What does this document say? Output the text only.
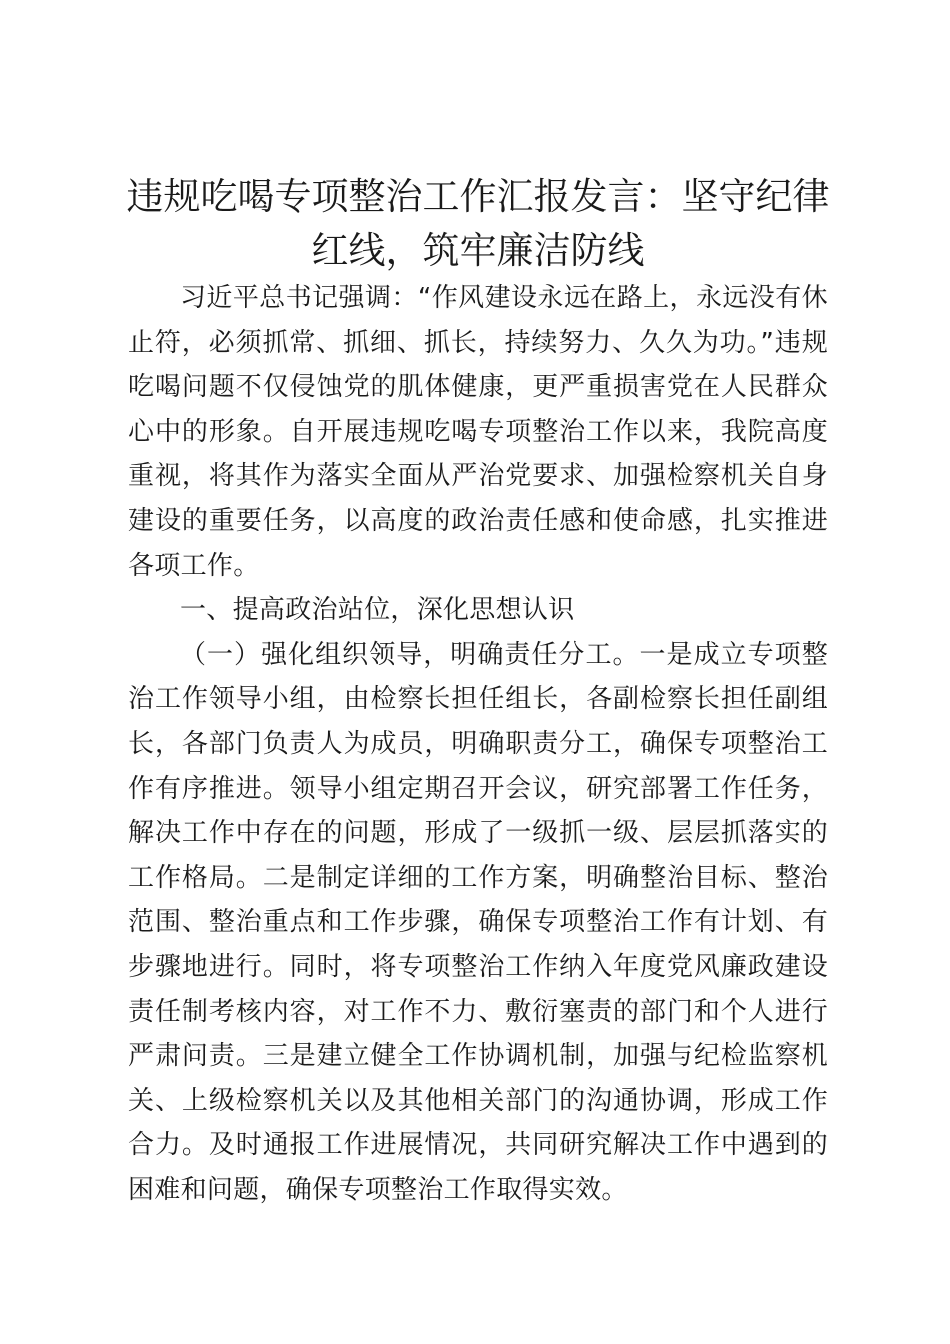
违规吃喝专项整治工作汇报发言：坚守纪律红线，筑牢廉洁防线

习近平总书记强调：“作风建设永远在路上，永远没有休止符，必须抓常、抓细、抓长，持续努力、久久为功。”违规吃喝问题不仅侵蚀党的肌体健康，更严重损害党在人民群众心中的形象。自开展违规吃喝专项整治工作以来，我院高度重视，将其作为落实全面从严治党要求、加强检察机关自身建设的重要任务，以高度的政治责任感和使命感，扎实推进各项工作。

一、提高政治站位，深化思想认识

（一）强化组织领导，明确责任分工。一是成立专项整治工作领导小组，由检察长担任组长，各副检察长担任副组长，各部门负责人为成员，明确职责分工，确保专项整治工作有序推进。领导小组定期召开会议，研究部署工作任务，解决工作中存在的问题，形成了一级抓一级、层层抓落实的工作格局。二是制定详细的工作方案，明确整治目标、整治范围、整治重点和工作步骤，确保专项整治工作有计划、有步骤地进行。同时，将专项整治工作纳入年度党风廉政建设责任制考核内容，对工作不力、敷衍塞责的部门和个人进行严肃问责。三是建立健全工作协调机制，加强与纪检监察机关、上级检察机关以及其他相关部门的沟通协调，形成工作合力。及时通报工作进展情况，共同研究解决工作中遇到的困难和问题，确保专项整治工作取得实效。
